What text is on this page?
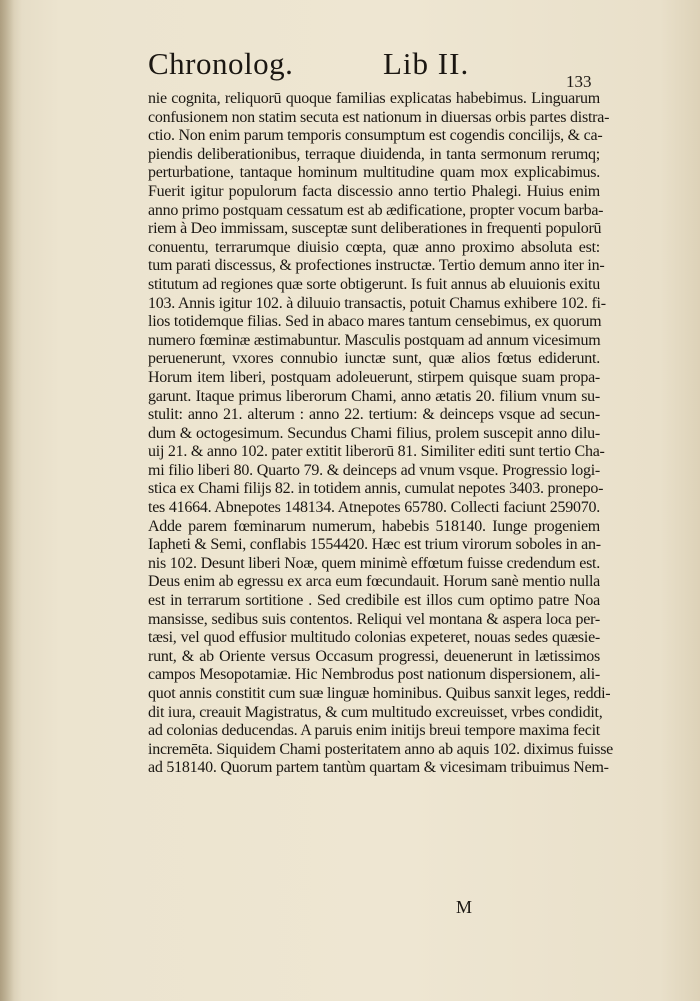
Chronolog.	Lib II.
133
nie cognita, reliquorū quoque familias explicatas habebimus. Linguarum
confusionem non statim secuta est nationum in diuersas orbis partes distra-
ctio. Non enim parum temporis consumptum est cogendis concilijs, & ca-
piendis deliberationibus, terraque diuidenda, in tanta sermonum rerumq;
perturbatione, tantaque hominum multitudine quam mox explicabimus.
Fuerit igitur populorum facta discessio anno tertio Phalegi. Huius enim
anno primo postquam cessatum est ab ædificatione, propter vocum barba-
riem à Deo immissam, susceptæ sunt deliberationes in frequenti populorū
conuentu, terrarumque diuisio cœpta, quæ anno proximo absoluta est:
tum parati discessus, & profectiones instructæ. Tertio demum anno iter in-
stitutum ad regiones quæ sorte obtigerunt. Is fuit annus ab eluuionis exitu
103. Annis igitur 102. à diluuio transactis, potuit Chamus exhibere 102. fi-
lios totidemque filias. Sed in abaco mares tantum censebimus, ex quorum
numero fœminæ æstimabuntur. Masculis postquam ad annum vicesimum
peruenerunt, vxores connubio iunctæ sunt, quæ alios fœtus ediderunt.
Horum item liberi, postquam adoleuerunt, stirpem quisque suam propa-
garunt. Itaque primus liberorum Chami, anno ætatis 20. filium vnum su-
stulit: anno 21. alterum : anno 22. tertium: & deinceps vsque ad secun-
dum & octogesimum. Secundus Chami filius, prolem suscepit anno dilu-
uij 21. & anno 102. pater extitit liberorū 81. Similiter editi sunt tertio Cha-
mi filio liberi 80. Quarto 79. & deinceps ad vnum vsque. Progressio logi-
stica ex Chami filijs 82. in totidem annis, cumulat nepotes 3403. pronepo-
tes 41664. Abnepotes 148134. Atnepotes 65780. Collecti faciunt 259070.
Adde parem fœminarum numerum, habebis 518140. Iunge progeniem
Iapheti & Semi, conflabis 1554420. Hæc est trium virorum soboles in an-
nis 102. Desunt liberi Noæ, quem minimè effœtum fuisse credendum est.
Deus enim ab egressu ex arca eum fœcundauit. Horum sanè mentio nulla
est in terrarum sortitione . Sed credibile est illos cum optimo patre Noa
mansisse, sedibus suis contentos. Reliqui vel montana & aspera loca per-
tæsi, vel quod effusior multitudo colonias expeteret, nouas sedes quæsie-
runt, & ab Oriente versus Occasum progressi, deuenerunt in lætissimos
campos Mesopotamiæ. Hic Nembrodus post nationum dispersionem, ali-
quot annis constitit cum suæ linguæ hominibus. Quibus sanxit leges, reddi-
dit iura, creauit Magistratus, & cum multitudo excreuisset, vrbes condidit,
ad colonias deducendas. A paruis enim initijs breui tempore maxima fecit
incremēta. Siquidem Chami posteritatem anno ab aquis 102. diximus fuisse
ad 518140. Quorum partem tantùm quartam & vicesimam tribuimus Nem-
M
